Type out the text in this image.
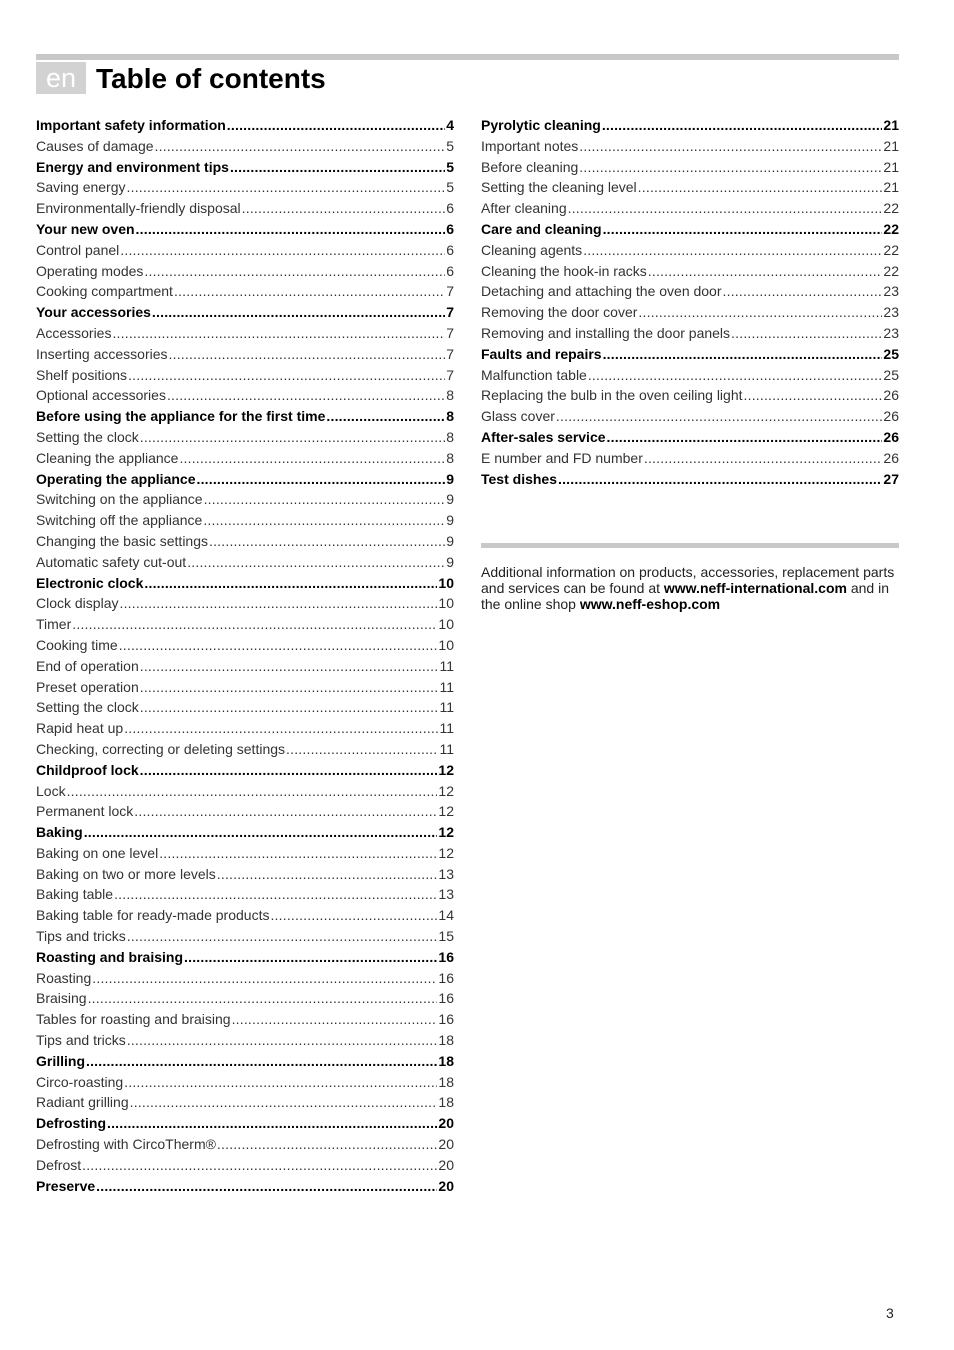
en Table of contents
Important safety information .....	4
Causes of damage .....	5
Energy and environment tips .....	5
Saving energy .....	5
Environmentally-friendly disposal .....	6
Your new oven .....	6
Control panel .....	6
Operating modes .....	6
Cooking compartment .....	7
Your accessories .....	7
Accessories .....	7
Inserting accessories .....	7
Shelf positions .....	7
Optional accessories .....	8
Before using the appliance for the first time .....	8
Setting the clock .....	8
Cleaning the appliance .....	8
Operating the appliance .....	9
Switching on the appliance .....	9
Switching off the appliance .....	9
Changing the basic settings .....	9
Automatic safety cut-out .....	9
Electronic clock .....	10
Clock display .....	10
Timer .....	10
Cooking time .....	10
End of operation .....	11
Preset operation .....	11
Setting the clock .....	11
Rapid heat up .....	11
Checking, correcting or deleting settings .....	11
Childproof lock .....	12
Lock .....	12
Permanent lock .....	12
Baking .....	12
Baking on one level .....	12
Baking on two or more levels .....	13
Baking table .....	13
Baking table for ready-made products .....	14
Tips and tricks .....	15
Roasting and braising .....	16
Roasting .....	16
Braising .....	16
Tables for roasting and braising .....	16
Tips and tricks .....	18
Grilling .....	18
Circo-roasting .....	18
Radiant grilling .....	18
Defrosting .....	20
Defrosting with CircoTherm® .....	20
Defrost .....	20
Preserve .....	20
Pyrolytic cleaning .....	21
Important notes .....	21
Before cleaning .....	21
Setting the cleaning level .....	21
After cleaning .....	22
Care and cleaning .....	22
Cleaning agents .....	22
Cleaning the hook-in racks .....	22
Detaching and attaching the oven door .....	23
Removing the door cover .....	23
Removing and installing the door panels .....	23
Faults and repairs .....	25
Malfunction table .....	25
Replacing the bulb in the oven ceiling light .....	26
Glass cover .....	26
After-sales service .....	26
E number and FD number .....	26
Test dishes .....	27
Additional information on products, accessories, replacement parts and services can be found at www.neff-international.com and in the online shop www.neff-eshop.com
3
